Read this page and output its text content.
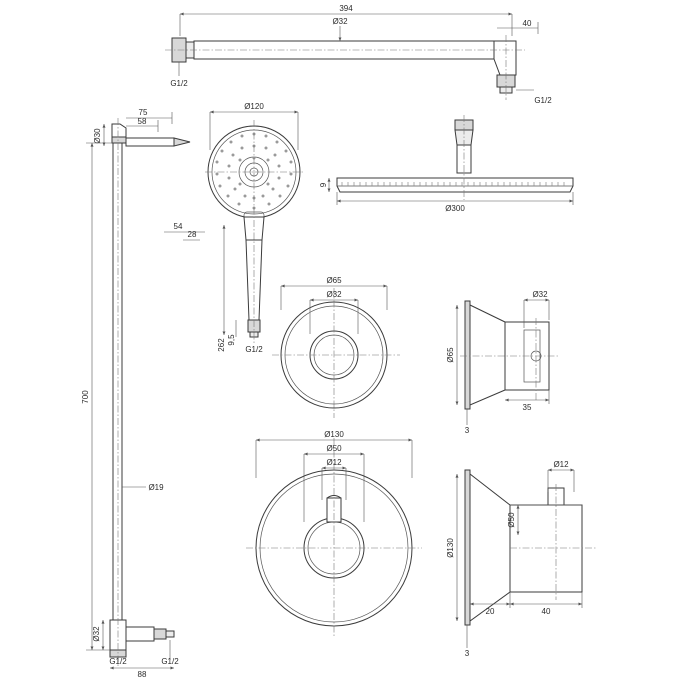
394
Ø32	40
G1/2
G1/2
Ø120
54
28
262 9,5
G1/2
9
Ø300
75
58
Ø30
700
Ø19
Ø32
88
G1/2	G1/2
Ø65
Ø32	Ø32
Ø65
35
3
Ø130
Ø50
Ø12	Ø12
Ø50
Ø130
20	40
3
